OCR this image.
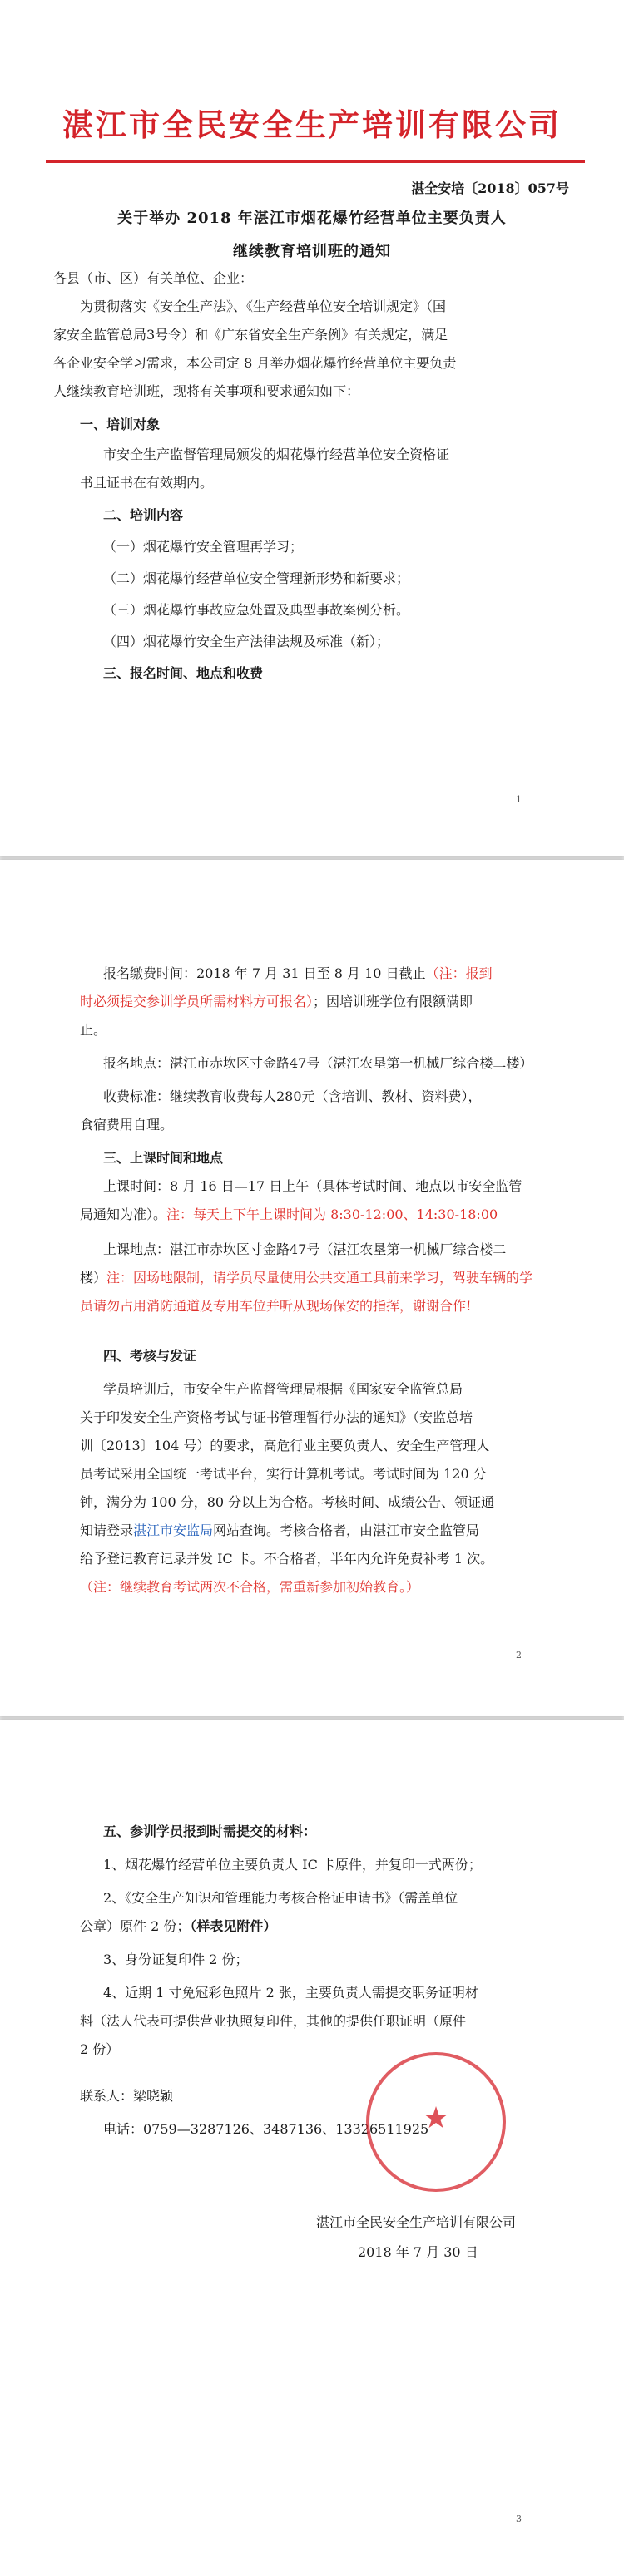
湛江市全民安全生产培训有限公司
湛全安培〔2018〕057号
关于举办 2018 年湛江市烟花爆竹经营单位主要负责人
继续教育培训班的通知
各县（市、区）有关单位、企业：
为贯彻落实《安全生产法》、《生产经营单位安全培训规定》（国
家安全监管总局3号令）和《广东省安全生产条例》有关规定，满足
各企业安全学习需求，本公司定 8 月举办烟花爆竹经营单位主要负责
人继续教育培训班，现将有关事项和要求通知如下：
一、培训对象
市安全生产监督管理局颁发的烟花爆竹经营单位安全资格证
书且证书在有效期内。
二、培训内容
（一）烟花爆竹安全管理再学习；
（二）烟花爆竹经营单位安全管理新形势和新要求；
（三）烟花爆竹事故应急处置及典型事故案例分析。
（四）烟花爆竹安全生产法律法规及标准（新）；
三、报名时间、地点和收费
1
报名缴费时间：2018 年 7 月 31 日至 8 月 10 日截止（注：报到
时必须提交参训学员所需材料方可报名）；因培训班学位有限额满即
止。
报名地点：湛江市赤坎区寸金路47号（湛江农垦第一机械厂综合楼二楼）
收费标准：继续教育收费每人280元（含培训、教材、资料费），
食宿费用自理。
三、上课时间和地点
上课时间：8 月 16 日—17 日上午（具体考试时间、地点以市安全监管
局通知为准）。注：每天上下午上课时间为 8:30-12:00、14:30-18:00
上课地点：湛江市赤坎区寸金路47号（湛江农垦第一机械厂综合楼二
楼）注：因场地限制，请学员尽量使用公共交通工具前来学习，驾驶车辆的学
员请勿占用消防通道及专用车位并听从现场保安的指挥，谢谢合作!
四、考核与发证
学员培训后，市安全生产监督管理局根据《国家安全监管总局
关于印发安全生产资格考试与证书管理暂行办法的通知》（安监总培
训〔2013〕104 号）的要求，高危行业主要负责人、安全生产管理人
员考试采用全国统一考试平台，实行计算机考试。考试时间为 120 分
钟，满分为 100 分，80 分以上为合格。考核时间、成绩公告、领证通
知请登录湛江市安监局网站查询。考核合格者，由湛江市安全监管局
给予登记教育记录并发 IC 卡。不合格者，半年内允许免费补考 1 次。
（注：继续教育考试两次不合格，需重新参加初始教育。）
2
五、参训学员报到时需提交的材料：
1、烟花爆竹经营单位主要负责人 IC 卡原件，并复印一式两份；
2、《安全生产知识和管理能力考核合格证申请书》（需盖单位
公章）原件 2 份；（样表见附件）
3、身份证复印件 2 份；
4、近期 1 寸免冠彩色照片 2 张，主要负责人需提交职务证明材
料（法人代表可提供营业执照复印件，其他的提供任职证明（原件
2 份）
联系人：梁晓颖
电话：0759—3287126、3487136、13326511925
湛江市全民安全生产培训有限公司
2018 年 7 月 30 日
3
★
